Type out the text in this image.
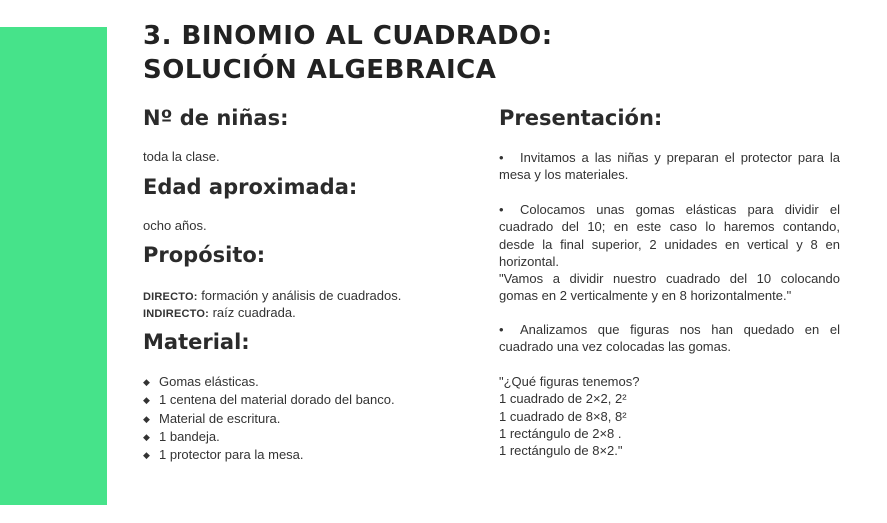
3. BINOMIO AL CUADRADO:
SOLUCIÓN ALGEBRAICA
Nº de niñas:

toda la clase.

Edad aproximada:

ocho años.

Propósito:

DIRECTO: formación y análisis de cuadrados.

INDIRECTO: raíz cuadrada.

Material:
◆ Gomas elásticas.
◆ 1 centena del material dorado del banco.
◆ Material de escritura.
◆ 1 bandeja.
◆ 1 protector para la mesa.
Presentación:

• Invitamos a las niñas y preparan el protector para la mesa y los materiales.

• Colocamos unas gomas elásticas para dividir el cuadrado del 10; en este caso lo haremos contando, desde la final superior, 2 unidades en vertical y 8 en horizontal.

"Vamos a dividir nuestro cuadrado del 10 colocando gomas en 2 verticalmente y en 8 horizontalmente."

• Analizamos que figuras nos han quedado en el cuadrado una vez colocadas las gomas.

"¿Qué figuras tenemos?
1 cuadrado de 2×2, 2²
1 cuadrado de 8×8, 8²
1 rectángulo de 2×8 .
1 rectángulo de 8×2."
